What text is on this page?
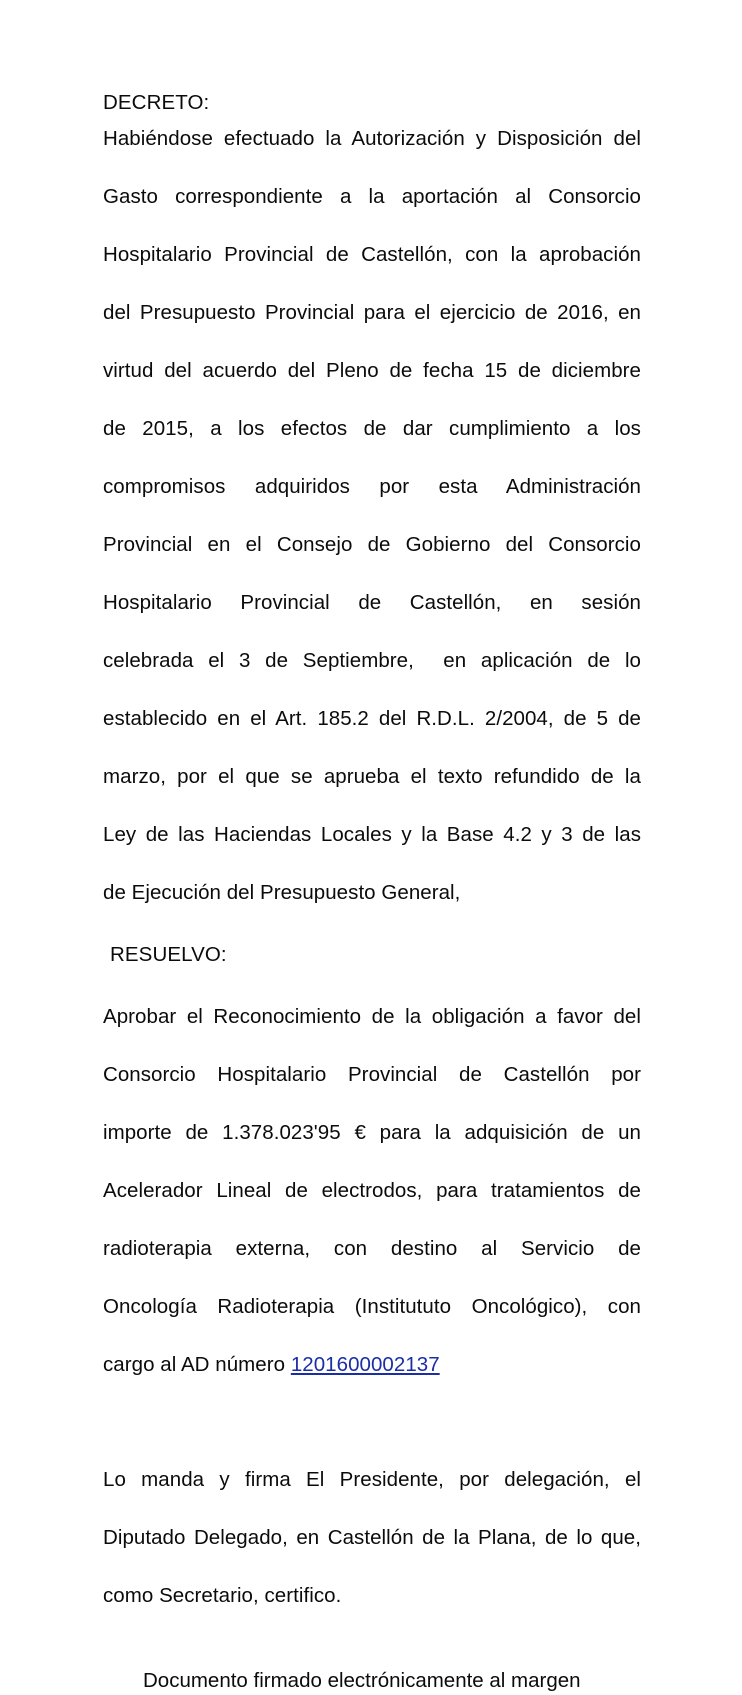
DECRETO:

Habiéndose efectuado la Autorización y Disposición del
Gasto correspondiente a la aportación al Consorcio
Hospitalario Provincial de Castellón, con la aprobación
del Presupuesto Provincial para el ejercicio de 2016, en
virtud del acuerdo del Pleno de fecha 15 de diciembre
de 2015, a los efectos de dar cumplimiento a los
compromisos adquiridos por esta Administración
Provincial en el Consejo de Gobierno del Consorcio
Hospitalario Provincial de Castellón, en sesión
celebrada el 3 de Septiembre,  en aplicación de lo
establecido en el Art. 185.2 del R.D.L. 2/2004, de 5 de
marzo, por el que se aprueba el texto refundido de la
Ley de las Haciendas Locales y la Base 4.2 y 3 de las
de Ejecución del Presupuesto General,

RESUELVO:

Aprobar el Reconocimiento de la obligación a favor del
Consorcio Hospitalario Provincial de Castellón por
importe de 1.378.023'95 € para la adquisición de un
Acelerador Lineal de electrodos, para tratamientos de
radioterapia externa, con destino al Servicio de
Oncología Radioterapia (Institututo Oncológico), con
cargo al AD número 1201600002137
Lo manda y firma El Presidente, por delegación, el
Diputado Delegado, en Castellón de la Plana, de lo que,
como Secretario, certifico.

Documento firmado electrónicamente al margen
